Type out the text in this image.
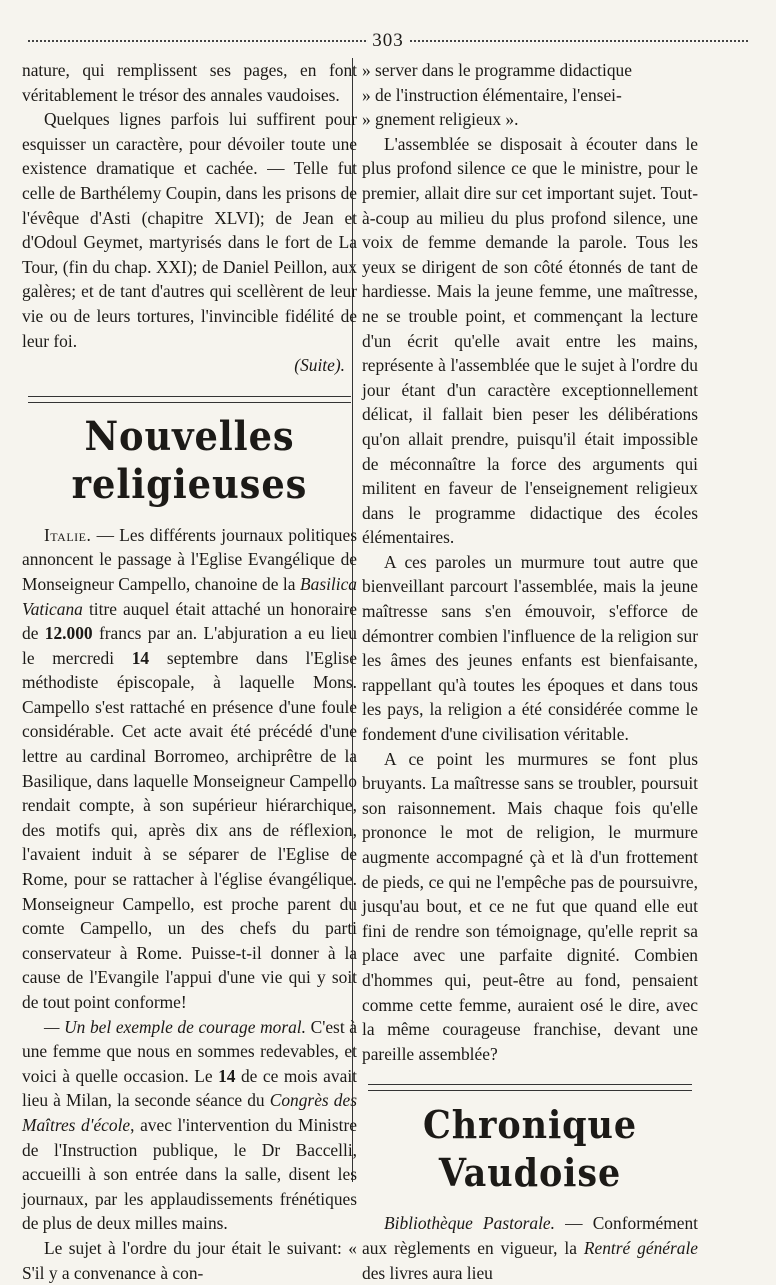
303

nature, qui remplissent ses pages, en font véritablement le trésor des annales vaudoises.

Quelques lignes parfois lui suffirent pour esquisser un caractère, pour dévoiler toute une existence dramatique et cachée. — Telle fut celle de Barthélemy Coupin, dans les prisons de l'évêque d'Asti (chapitre XLVI); de Jean et d'Odoul Geymet, martyrisés dans le fort de La Tour, (fin du chap. XXI); de Daniel Peillon, aux galères; et de tant d'autres qui scellèrent de leur vie ou de leurs tortures, l'invincible fidélité de leur foi.

(Suite).
Nouvelles religieuses

Italie. — Les différents journaux politiques annoncent le passage à l'Eglise Evangélique de Monseigneur Campello, chanoine de la Basilica Vaticana titre auquel était attaché un honoraire de 12.000 francs par an. L'abjuration a eu lieu le mercredi 14 septembre dans l'Eglise méthodiste épiscopale, à laquelle Mons. Campello s'est rattaché en présence d'une foule considérable. Cet acte avait été précédé d'une lettre au cardinal Borromeo, archiprêtre de la Basilique, dans laquelle Monseigneur Campello rendait compte, à son supérieur hiérarchique, des motifs qui, après dix ans de réflexion, l'avaient induit à se séparer de l'Eglise de Rome, pour se rattacher à l'église évangélique. Monseigneur Campello, est proche parent du comte Campello, un des chefs du parti conservateur à Rome. Puisse-t-il donner à la cause de l'Evangile l'appui d'une vie qui y soit de tout point conforme!

— Un bel exemple de courage moral. C'est à une femme que nous en sommes redevables, et voici à quelle occasion. Le 14 de ce mois avait lieu à Milan, la seconde séance du Congrès des Maîtres d'école, avec l'intervention du Ministre de l'Instruction publique, le Dr Baccelli, accueilli à son entrée dans la salle, disent les journaux, par les applaudissements frénétiques de plus de deux milles mains.

Le sujet à l'ordre du jour était le suivant: « S'il y a convenance à con-

» server dans le programme didactique

» de l'instruction élémentaire, l'ensei-

» gnement religieux ».

L'assemblée se disposait à écouter dans le plus profond silence ce que le ministre, pour le premier, allait dire sur cet important sujet. Tout-à-coup au milieu du plus profond silence, une voix de femme demande la parole. Tous les yeux se dirigent de son côté étonnés de tant de hardiesse. Mais la jeune femme, une maîtresse, ne se trouble point, et commençant la lecture d'un écrit qu'elle avait entre les mains, représente à l'assemblée que le sujet à l'ordre du jour étant d'un caractère exceptionnellement délicat, il fallait bien peser les délibérations qu'on allait prendre, puisqu'il était impossible de méconnaître la force des arguments qui militent en faveur de l'enseignement religieux dans le programme didactique des écoles élémentaires.

A ces paroles un murmure tout autre que bienveillant parcourt l'assemblée, mais la jeune maîtresse sans s'en émouvoir, s'efforce de démontrer combien l'influence de la religion sur les âmes des jeunes enfants est bienfaisante, rappellant qu'à toutes les époques et dans tous les pays, la religion a été considérée comme le fondement d'une civilisation véritable.

A ce point les murmures se font plus bruyants. La maîtresse sans se troubler, poursuit son raisonnement. Mais chaque fois qu'elle prononce le mot de religion, le murmure augmente accompagné çà et là d'un frottement de pieds, ce qui ne l'empêche pas de poursuivre, jusqu'au bout, et ce ne fut que quand elle eut fini de rendre son témoignage, qu'elle reprit sa place avec une parfaite dignité. Combien d'hommes qui, peut-être au fond, pensaient comme cette femme, auraient osé le dire, avec la même courageuse franchise, devant une pareille assemblée?

Chronique Vaudoise

Bibliothèque Pastorale. — Conformément aux règlements en vigueur, la Rentré générale des livres aura lieu
